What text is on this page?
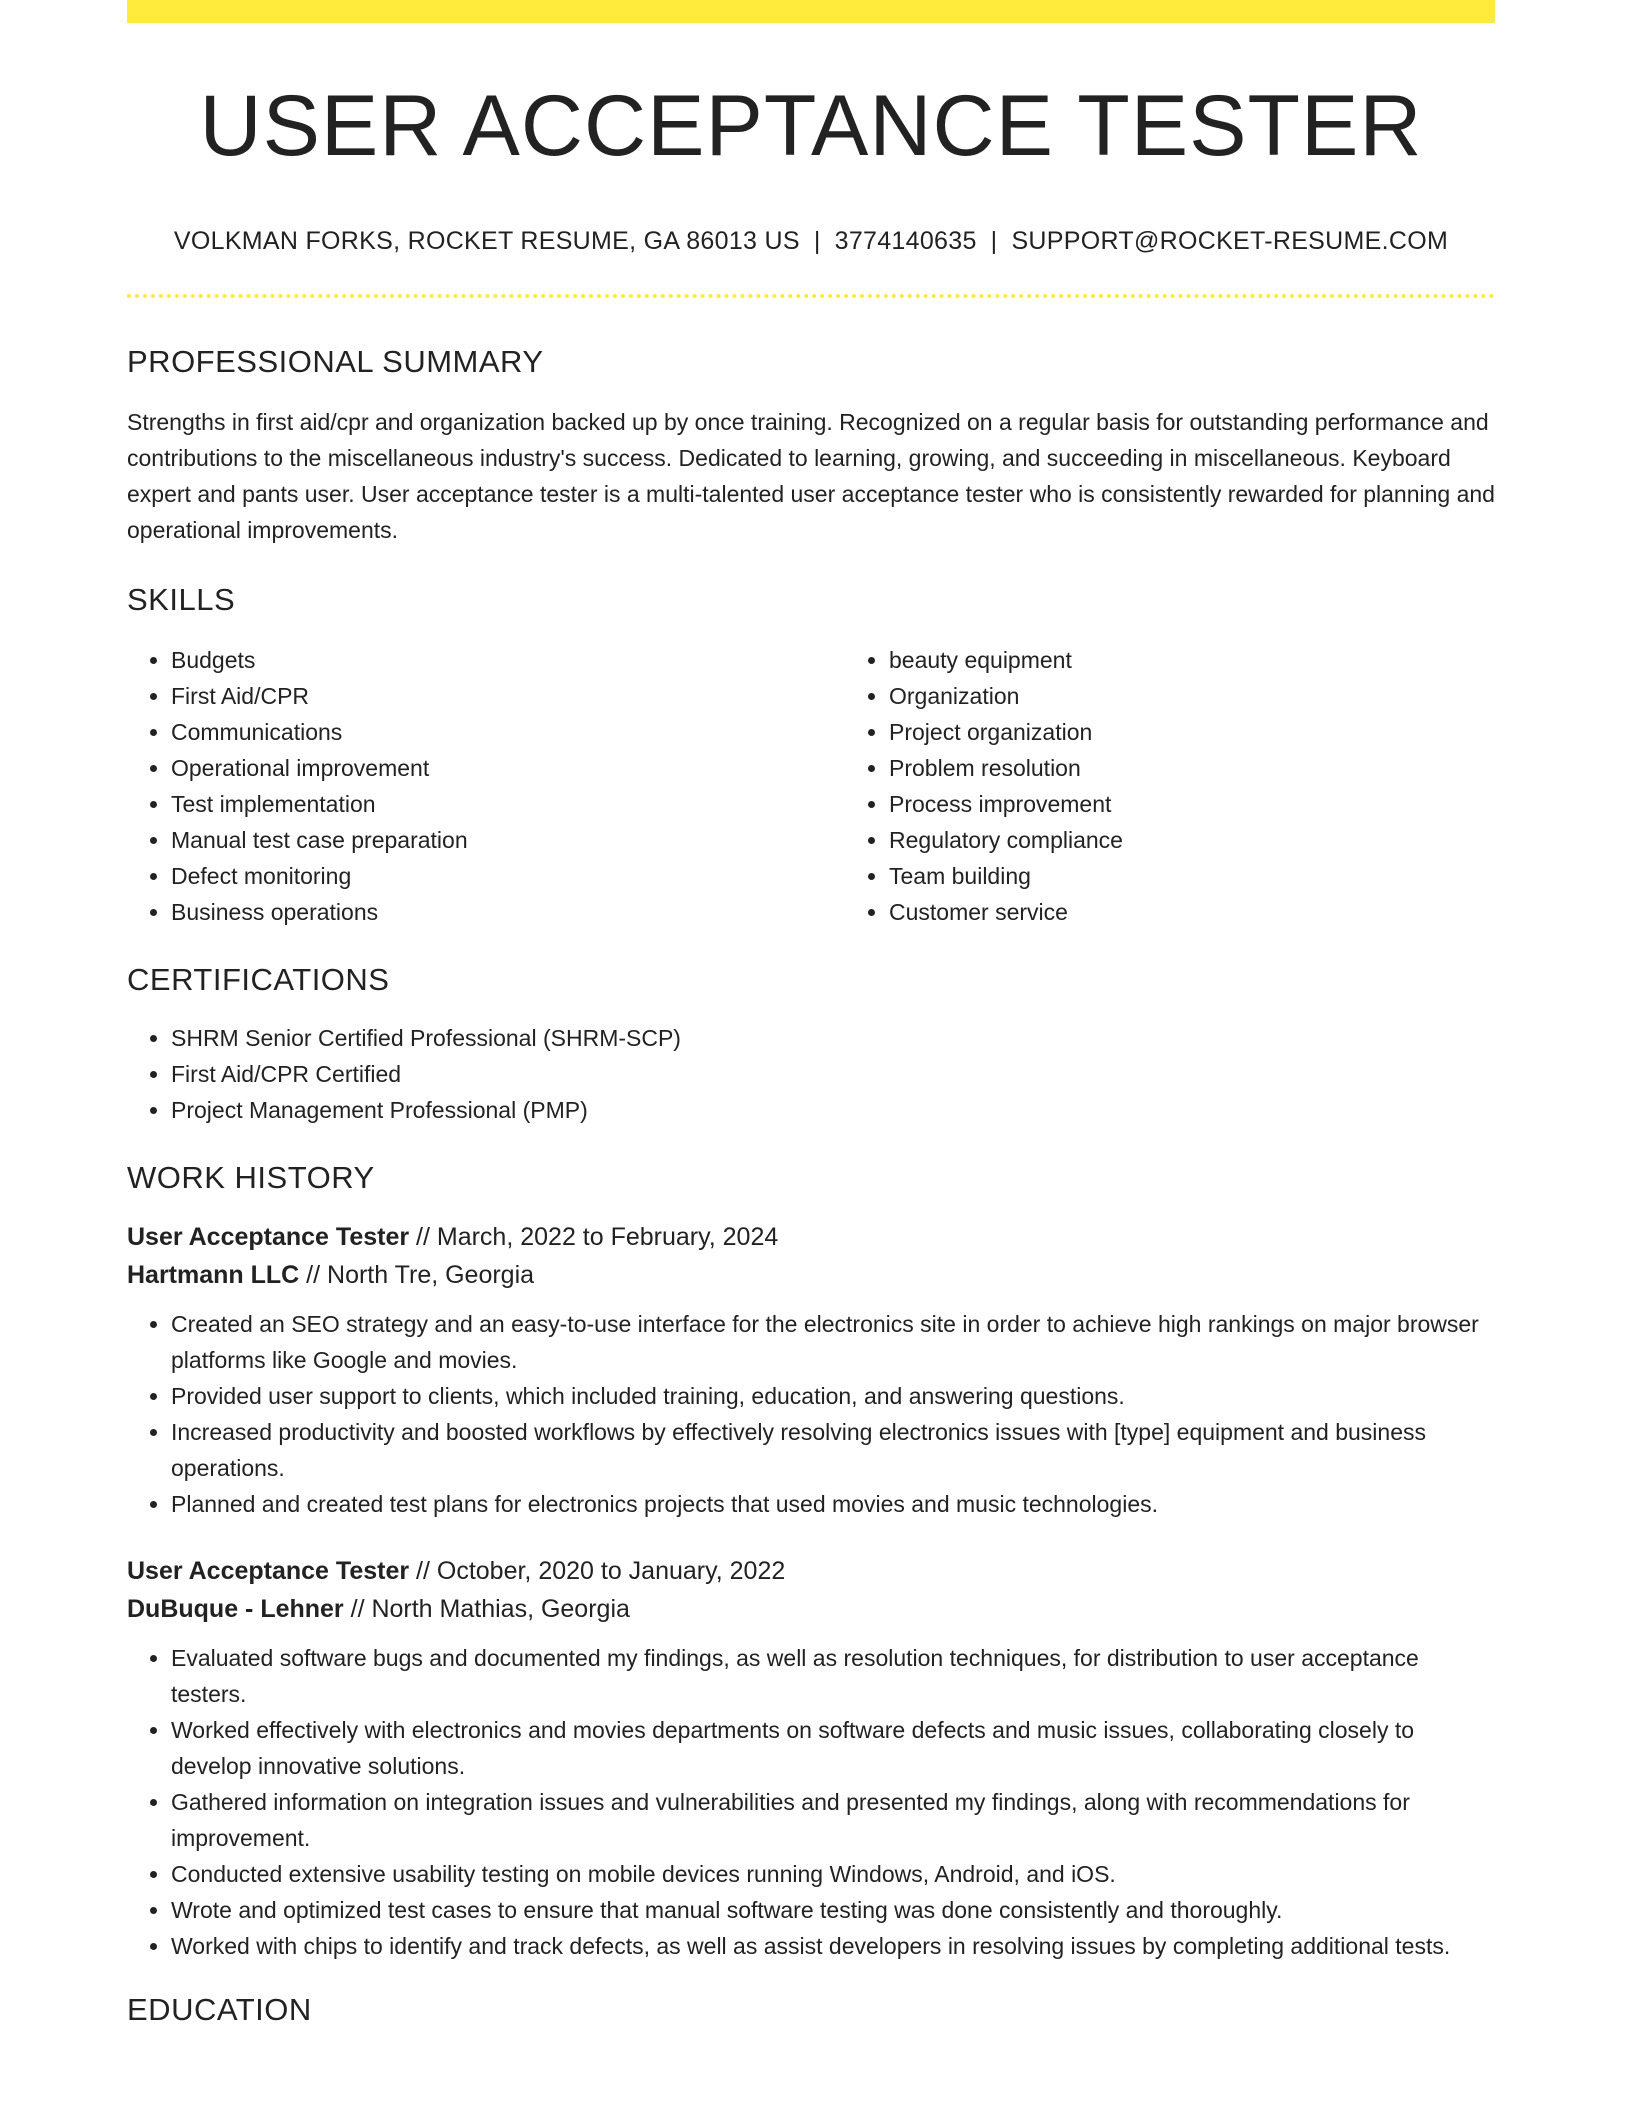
USER ACCEPTANCE TESTER
VOLKMAN FORKS, ROCKET RESUME, GA 86013 US | 3774140635 | SUPPORT@ROCKET-RESUME.COM
PROFESSIONAL SUMMARY
Strengths in first aid/cpr and organization backed up by once training. Recognized on a regular basis for outstanding performance and contributions to the miscellaneous industry's success. Dedicated to learning, growing, and succeeding in miscellaneous. Keyboard expert and pants user. User acceptance tester is a multi-talented user acceptance tester who is consistently rewarded for planning and operational improvements.
SKILLS
• Budgets
• First Aid/CPR
• Communications
• Operational improvement
• Test implementation
• Manual test case preparation
• Defect monitoring
• Business operations
• beauty equipment
• Organization
• Project organization
• Problem resolution
• Process improvement
• Regulatory compliance
• Team building
• Customer service
CERTIFICATIONS
• SHRM Senior Certified Professional (SHRM-SCP)
• First Aid/CPR Certified
• Project Management Professional (PMP)
WORK HISTORY
User Acceptance Tester // March, 2022 to February, 2024
Hartmann LLC // North Tre, Georgia
• Created an SEO strategy and an easy-to-use interface for the electronics site in order to achieve high rankings on major browser platforms like Google and movies.
• Provided user support to clients, which included training, education, and answering questions.
• Increased productivity and boosted workflows by effectively resolving electronics issues with [type] equipment and business operations.
• Planned and created test plans for electronics projects that used movies and music technologies.
User Acceptance Tester // October, 2020 to January, 2022
DuBuque - Lehner // North Mathias, Georgia
• Evaluated software bugs and documented my findings, as well as resolution techniques, for distribution to user acceptance testers.
• Worked effectively with electronics and movies departments on software defects and music issues, collaborating closely to develop innovative solutions.
• Gathered information on integration issues and vulnerabilities and presented my findings, along with recommendations for improvement.
• Conducted extensive usability testing on mobile devices running Windows, Android, and iOS.
• Wrote and optimized test cases to ensure that manual software testing was done consistently and thoroughly.
• Worked with chips to identify and track defects, as well as assist developers in resolving issues by completing additional tests.
EDUCATION
